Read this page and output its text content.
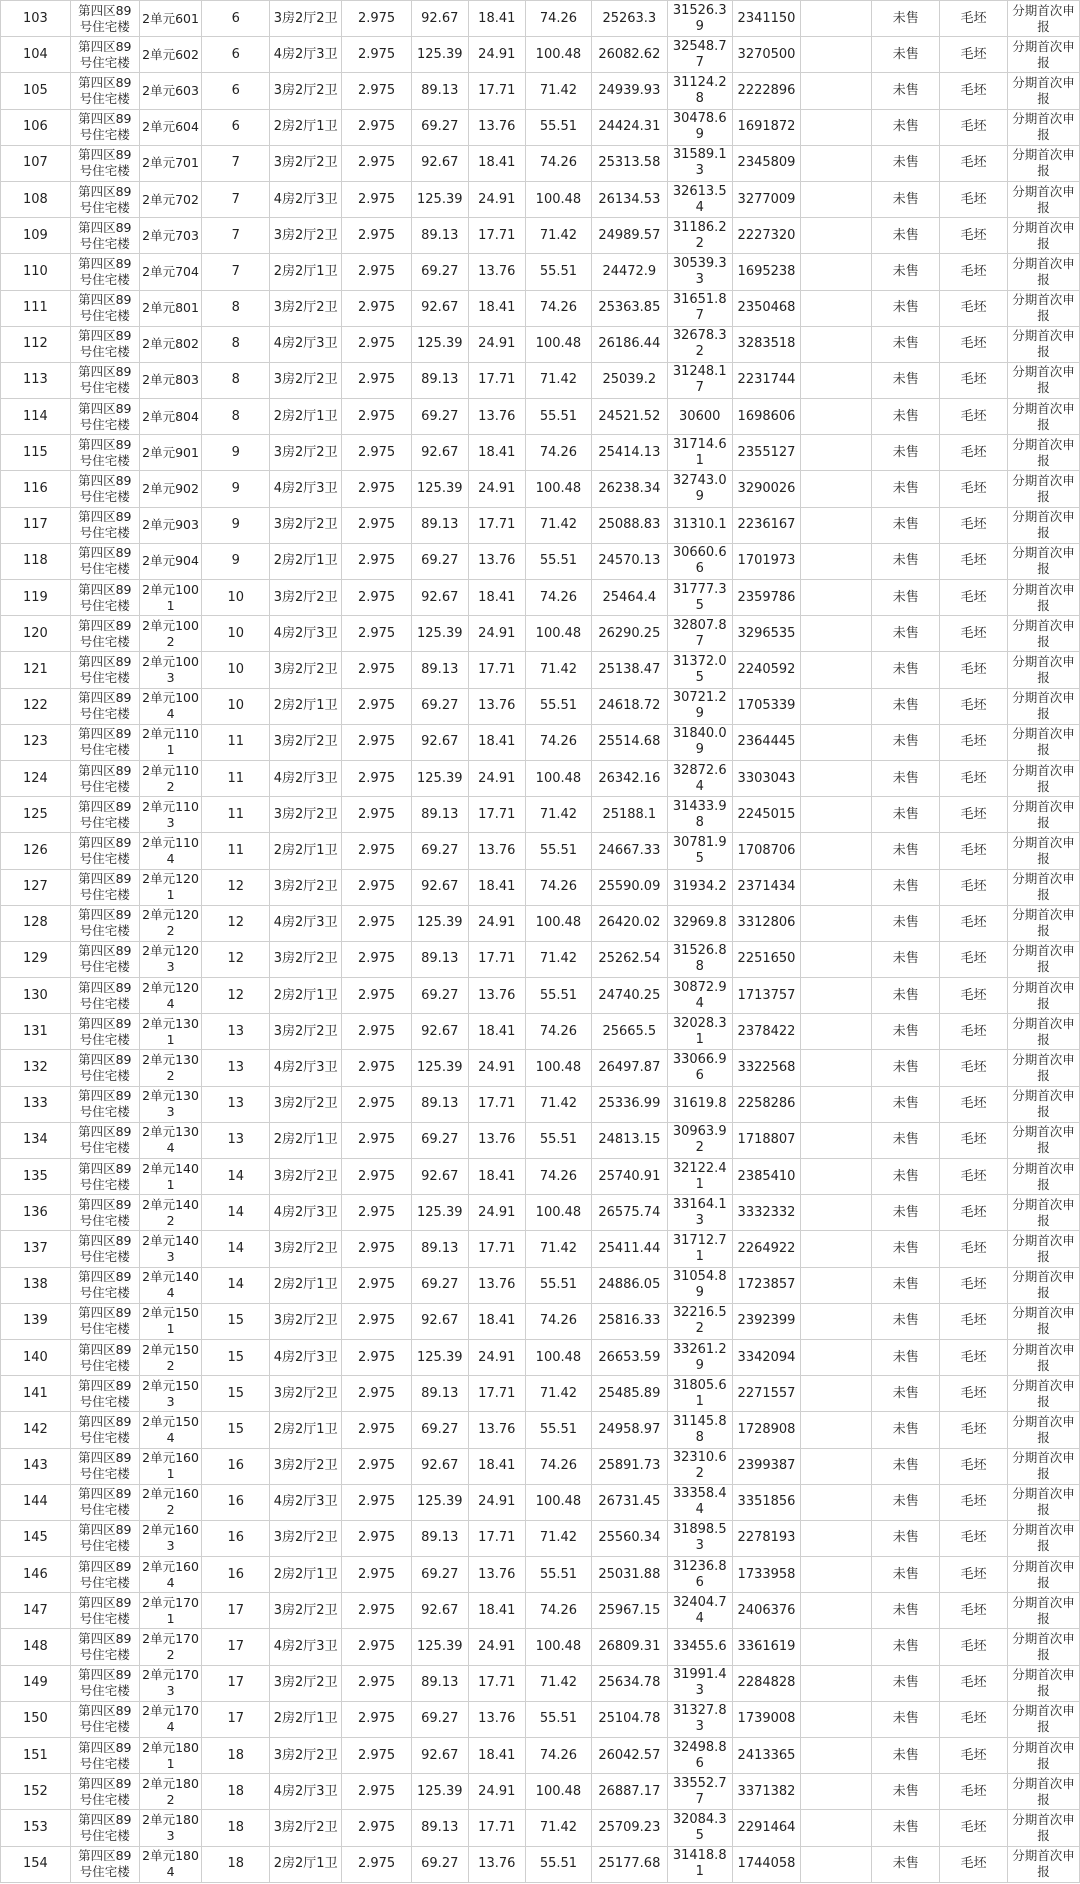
103	第四区89号住宅楼	2单元601	6	3房2厅2卫	2.975	92.67	18.41	74.26	25263.3	31526.39	2341150		未售	毛坯	分期首次申报
104	第四区89号住宅楼	2单元602	6	4房2厅3卫	2.975	125.39	24.91	100.48	26082.62	32548.77	3270500		未售	毛坯	分期首次申报
105	第四区89号住宅楼	2单元603	6	3房2厅2卫	2.975	89.13	17.71	71.42	24939.93	31124.28	2222896		未售	毛坯	分期首次申报
106	第四区89号住宅楼	2单元604	6	2房2厅1卫	2.975	69.27	13.76	55.51	24424.31	30478.69	1691872		未售	毛坯	分期首次申报
107	第四区89号住宅楼	2单元701	7	3房2厅2卫	2.975	92.67	18.41	74.26	25313.58	31589.13	2345809		未售	毛坯	分期首次申报
108	第四区89号住宅楼	2单元702	7	4房2厅3卫	2.975	125.39	24.91	100.48	26134.53	32613.54	3277009		未售	毛坯	分期首次申报
109	第四区89号住宅楼	2单元703	7	3房2厅2卫	2.975	89.13	17.71	71.42	24989.57	31186.22	2227320		未售	毛坯	分期首次申报
110	第四区89号住宅楼	2单元704	7	2房2厅1卫	2.975	69.27	13.76	55.51	24472.9	30539.33	1695238		未售	毛坯	分期首次申报
111	第四区89号住宅楼	2单元801	8	3房2厅2卫	2.975	92.67	18.41	74.26	25363.85	31651.87	2350468		未售	毛坯	分期首次申报
112	第四区89号住宅楼	2单元802	8	4房2厅3卫	2.975	125.39	24.91	100.48	26186.44	32678.32	3283518		未售	毛坯	分期首次申报
113	第四区89号住宅楼	2单元803	8	3房2厅2卫	2.975	89.13	17.71	71.42	25039.2	31248.17	2231744		未售	毛坯	分期首次申报
114	第四区89号住宅楼	2单元804	8	2房2厅1卫	2.975	69.27	13.76	55.51	24521.52	30600	1698606		未售	毛坯	分期首次申报
115	第四区89号住宅楼	2单元901	9	3房2厅2卫	2.975	92.67	18.41	74.26	25414.13	31714.61	2355127		未售	毛坯	分期首次申报
116	第四区89号住宅楼	2单元902	9	4房2厅3卫	2.975	125.39	24.91	100.48	26238.34	32743.09	3290026		未售	毛坯	分期首次申报
117	第四区89号住宅楼	2单元903	9	3房2厅2卫	2.975	89.13	17.71	71.42	25088.83	31310.1	2236167		未售	毛坯	分期首次申报
118	第四区89号住宅楼	2单元904	9	2房2厅1卫	2.975	69.27	13.76	55.51	24570.13	30660.66	1701973		未售	毛坯	分期首次申报
119	第四区89号住宅楼	2单元1001	10	3房2厅2卫	2.975	92.67	18.41	74.26	25464.4	31777.35	2359786		未售	毛坯	分期首次申报
120	第四区89号住宅楼	2单元1002	10	4房2厅3卫	2.975	125.39	24.91	100.48	26290.25	32807.87	3296535		未售	毛坯	分期首次申报
121	第四区89号住宅楼	2单元1003	10	3房2厅2卫	2.975	89.13	17.71	71.42	25138.47	31372.05	2240592		未售	毛坯	分期首次申报
122	第四区89号住宅楼	2单元1004	10	2房2厅1卫	2.975	69.27	13.76	55.51	24618.72	30721.29	1705339		未售	毛坯	分期首次申报
123	第四区89号住宅楼	2单元1101	11	3房2厅2卫	2.975	92.67	18.41	74.26	25514.68	31840.09	2364445		未售	毛坯	分期首次申报
124	第四区89号住宅楼	2单元1102	11	4房2厅3卫	2.975	125.39	24.91	100.48	26342.16	32872.64	3303043		未售	毛坯	分期首次申报
125	第四区89号住宅楼	2单元1103	11	3房2厅2卫	2.975	89.13	17.71	71.42	25188.1	31433.98	2245015		未售	毛坯	分期首次申报
126	第四区89号住宅楼	2单元1104	11	2房2厅1卫	2.975	69.27	13.76	55.51	24667.33	30781.95	1708706		未售	毛坯	分期首次申报
127	第四区89号住宅楼	2单元1201	12	3房2厅2卫	2.975	92.67	18.41	74.26	25590.09	31934.2	2371434		未售	毛坯	分期首次申报
128	第四区89号住宅楼	2单元1202	12	4房2厅3卫	2.975	125.39	24.91	100.48	26420.02	32969.8	3312806		未售	毛坯	分期首次申报
129	第四区89号住宅楼	2单元1203	12	3房2厅2卫	2.975	89.13	17.71	71.42	25262.54	31526.88	2251650		未售	毛坯	分期首次申报
130	第四区89号住宅楼	2单元1204	12	2房2厅1卫	2.975	69.27	13.76	55.51	24740.25	30872.94	1713757		未售	毛坯	分期首次申报
131	第四区89号住宅楼	2单元1301	13	3房2厅2卫	2.975	92.67	18.41	74.26	25665.5	32028.31	2378422		未售	毛坯	分期首次申报
132	第四区89号住宅楼	2单元1302	13	4房2厅3卫	2.975	125.39	24.91	100.48	26497.87	33066.96	3322568		未售	毛坯	分期首次申报
133	第四区89号住宅楼	2单元1303	13	3房2厅2卫	2.975	89.13	17.71	71.42	25336.99	31619.8	2258286		未售	毛坯	分期首次申报
134	第四区89号住宅楼	2单元1304	13	2房2厅1卫	2.975	69.27	13.76	55.51	24813.15	30963.92	1718807		未售	毛坯	分期首次申报
135	第四区89号住宅楼	2单元1401	14	3房2厅2卫	2.975	92.67	18.41	74.26	25740.91	32122.41	2385410		未售	毛坯	分期首次申报
136	第四区89号住宅楼	2单元1402	14	4房2厅3卫	2.975	125.39	24.91	100.48	26575.74	33164.13	3332332		未售	毛坯	分期首次申报
137	第四区89号住宅楼	2单元1403	14	3房2厅2卫	2.975	89.13	17.71	71.42	25411.44	31712.71	2264922		未售	毛坯	分期首次申报
138	第四区89号住宅楼	2单元1404	14	2房2厅1卫	2.975	69.27	13.76	55.51	24886.05	31054.89	1723857		未售	毛坯	分期首次申报
139	第四区89号住宅楼	2单元1501	15	3房2厅2卫	2.975	92.67	18.41	74.26	25816.33	32216.52	2392399		未售	毛坯	分期首次申报
140	第四区89号住宅楼	2单元1502	15	4房2厅3卫	2.975	125.39	24.91	100.48	26653.59	33261.29	3342094		未售	毛坯	分期首次申报
141	第四区89号住宅楼	2单元1503	15	3房2厅2卫	2.975	89.13	17.71	71.42	25485.89	31805.61	2271557		未售	毛坯	分期首次申报
142	第四区89号住宅楼	2单元1504	15	2房2厅1卫	2.975	69.27	13.76	55.51	24958.97	31145.88	1728908		未售	毛坯	分期首次申报
143	第四区89号住宅楼	2单元1601	16	3房2厅2卫	2.975	92.67	18.41	74.26	25891.73	32310.62	2399387		未售	毛坯	分期首次申报
144	第四区89号住宅楼	2单元1602	16	4房2厅3卫	2.975	125.39	24.91	100.48	26731.45	33358.44	3351856		未售	毛坯	分期首次申报
145	第四区89号住宅楼	2单元1603	16	3房2厅2卫	2.975	89.13	17.71	71.42	25560.34	31898.53	2278193		未售	毛坯	分期首次申报
146	第四区89号住宅楼	2单元1604	16	2房2厅1卫	2.975	69.27	13.76	55.51	25031.88	31236.86	1733958		未售	毛坯	分期首次申报
147	第四区89号住宅楼	2单元1701	17	3房2厅2卫	2.975	92.67	18.41	74.26	25967.15	32404.74	2406376		未售	毛坯	分期首次申报
148	第四区89号住宅楼	2单元1702	17	4房2厅3卫	2.975	125.39	24.91	100.48	26809.31	33455.6	3361619		未售	毛坯	分期首次申报
149	第四区89号住宅楼	2单元1703	17	3房2厅2卫	2.975	89.13	17.71	71.42	25634.78	31991.43	2284828		未售	毛坯	分期首次申报
150	第四区89号住宅楼	2单元1704	17	2房2厅1卫	2.975	69.27	13.76	55.51	25104.78	31327.83	1739008		未售	毛坯	分期首次申报
151	第四区89号住宅楼	2单元1801	18	3房2厅2卫	2.975	92.67	18.41	74.26	26042.57	32498.86	2413365		未售	毛坯	分期首次申报
152	第四区89号住宅楼	2单元1802	18	4房2厅3卫	2.975	125.39	24.91	100.48	26887.17	33552.77	3371382		未售	毛坯	分期首次申报
153	第四区89号住宅楼	2单元1803	18	3房2厅2卫	2.975	89.13	17.71	71.42	25709.23	32084.35	2291464		未售	毛坯	分期首次申报
154	第四区89号住宅楼	2单元1804	18	2房2厅1卫	2.975	69.27	13.76	55.51	25177.68	31418.81	1744058		未售	毛坯	分期首次申报
